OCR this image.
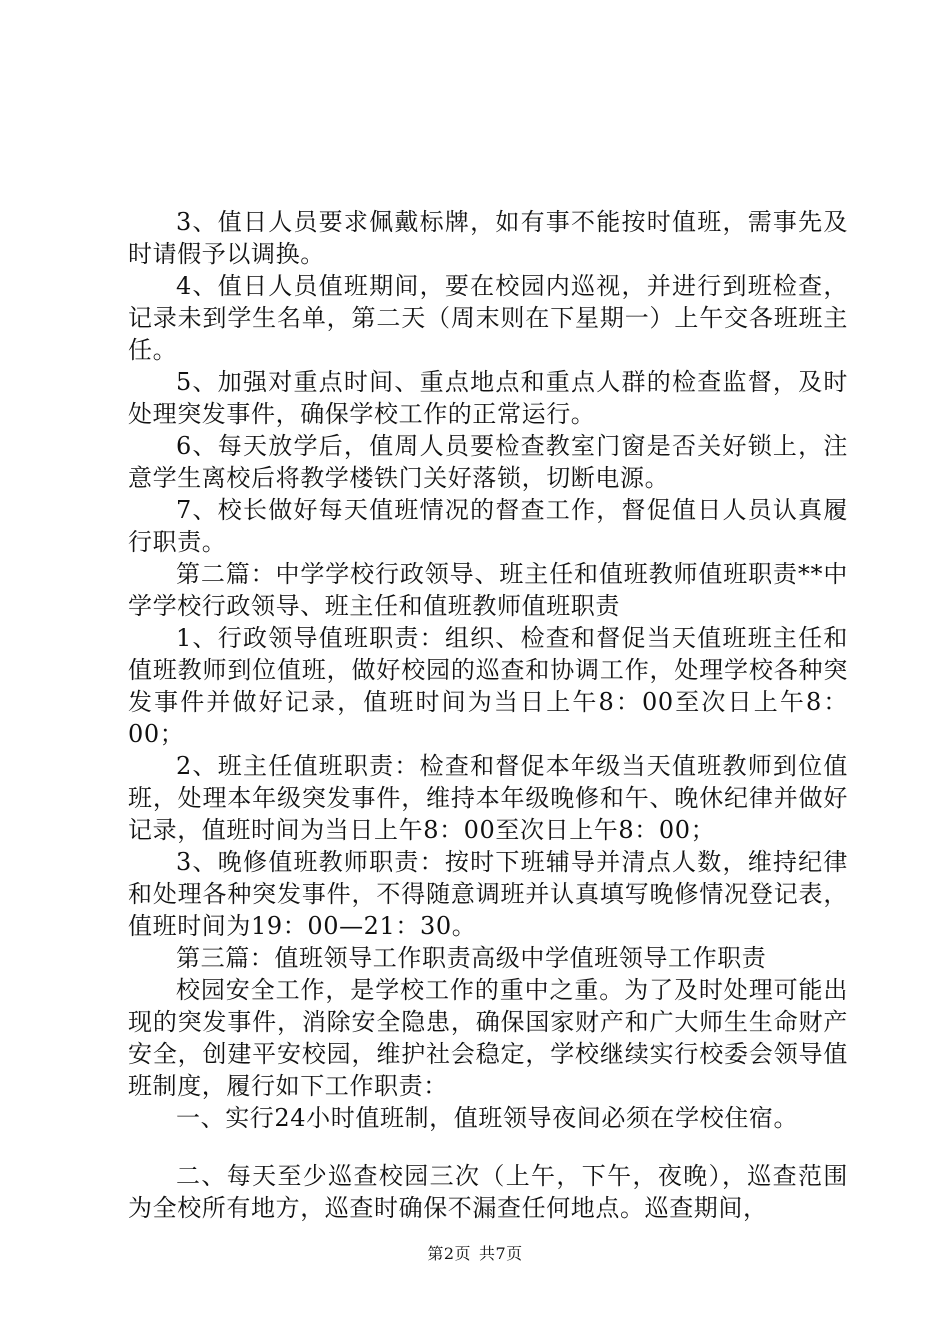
3、值日人员要求佩戴标牌，如有事不能按时值班，需事先及时请假予以调换。

4、值日人员值班期间，要在校园内巡视，并进行到班检查，记录未到学生名单，第二天（周末则在下星期一）上午交各班班主任。

5、加强对重点时间、重点地点和重点人群的检查监督，及时处理突发事件，确保学校工作的正常运行。

6、每天放学后，值周人员要检查教室门窗是否关好锁上，注意学生离校后将教学楼铁门关好落锁，切断电源。

7、校长做好每天值班情况的督查工作，督促值日人员认真履行职责。

第二篇：中学学校行政领导、班主任和值班教师值班职责**中学学校行政领导、班主任和值班教师值班职责

1、行政领导值班职责：组织、检查和督促当天值班班主任和值班教师到位值班，做好校园的巡查和协调工作，处理学校各种突发事件并做好记录，值班时间为当日上午8：00至次日上午8：00；

2、班主任值班职责：检查和督促本年级当天值班教师到位值班，处理本年级突发事件，维持本年级晚修和午、晚休纪律并做好记录，值班时间为当日上午8：00至次日上午8：00；

3、晚修值班教师职责：按时下班辅导并清点人数，维持纪律和处理各种突发事件，不得随意调班并认真填写晚修情况登记表，值班时间为19：00—21：30。

第三篇：值班领导工作职责高级中学值班领导工作职责

校园安全工作，是学校工作的重中之重。为了及时处理可能出现的突发事件，消除安全隐患，确保国家财产和广大师生生命财产安全，创建平安校园，维护社会稳定，学校继续实行校委会领导值班制度，履行如下工作职责：

一、实行24小时值班制，值班领导夜间必须在学校住宿。

二、每天至少巡查校园三次（上午，下午，夜晚），巡查范围为全校所有地方，巡查时确保不漏查任何地点。巡查期间，

第2页 共7页
